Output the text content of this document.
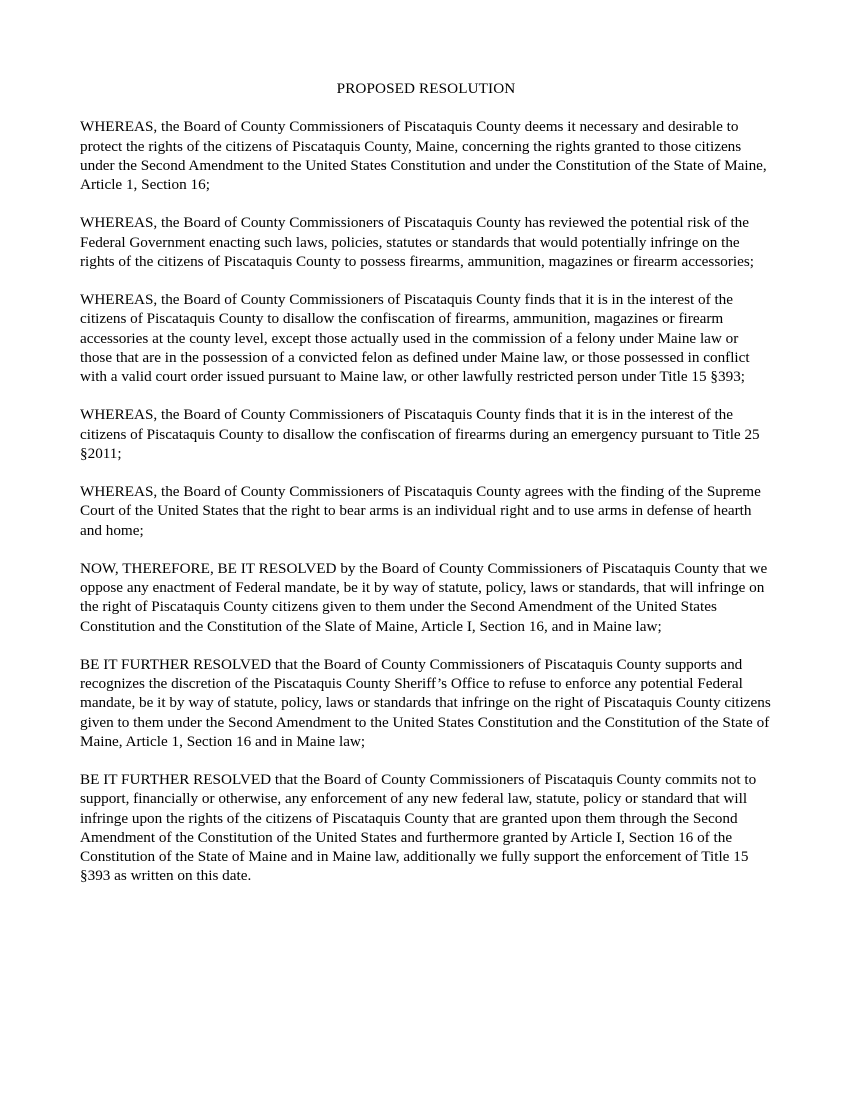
PROPOSED RESOLUTION

WHEREAS, the Board of County Commissioners of Piscataquis County deems it necessary and desirable to protect the rights of the citizens of Piscataquis County, Maine, concerning the rights granted to those citizens under the Second Amendment to the United States Constitution and under the Constitution of the State of Maine, Article 1, Section 16;

WHEREAS, the Board of County Commissioners of Piscataquis County has reviewed the potential risk of the Federal Government enacting such laws, policies, statutes or standards that would potentially infringe on the rights of the citizens of Piscataquis County to possess firearms, ammunition, magazines or firearm accessories;

WHEREAS, the Board of County Commissioners of Piscataquis County finds that it is in the interest of the citizens of Piscataquis County to disallow the confiscation of firearms, ammunition, magazines or firearm accessories at the county level, except those actually used in the commission of a felony under Maine law or those that are in the possession of a convicted felon as defined under Maine law, or those possessed in conflict with a valid court order issued pursuant to Maine law, or other lawfully restricted person under Title 15 §393;

WHEREAS, the Board of County Commissioners of Piscataquis County finds that it is in the interest of the citizens of Piscataquis County to disallow the confiscation of firearms during an emergency pursuant to Title 25 §2011;

WHEREAS, the Board of County Commissioners of Piscataquis County agrees with the finding of the Supreme Court of the United States that the right to bear arms is an individual right and to use arms in defense of hearth and home;

NOW, THEREFORE, BE IT RESOLVED by the Board of County Commissioners of Piscataquis County that we oppose any enactment of Federal mandate, be it by way of statute, policy, laws or standards, that will infringe on the right of Piscataquis County citizens given to them under the Second Amendment of the United States Constitution and the Constitution of the Slate of Maine, Article I, Section 16, and in Maine law;

BE IT FURTHER RESOLVED that the Board of County Commissioners of Piscataquis County supports and recognizes the discretion of the Piscataquis County Sheriff’s Office to refuse to enforce any potential Federal mandate, be it by way of statute, policy, laws or standards that infringe on the right of Piscataquis County citizens given to them under the Second Amendment to the United States Constitution and the Constitution of the State of Maine, Article 1, Section 16 and in Maine law;

BE IT FURTHER RESOLVED that the Board of County Commissioners of Piscataquis County commits not to support, financially or otherwise, any enforcement of any new federal law, statute, policy or standard that will infringe upon the rights of the citizens of Piscataquis County that are granted upon them through the Second Amendment of the Constitution of the United States and furthermore granted by Article I, Section 16 of the Constitution of the State of Maine and in Maine law, additionally we fully support the enforcement of Title 15 §393 as written on this date.
